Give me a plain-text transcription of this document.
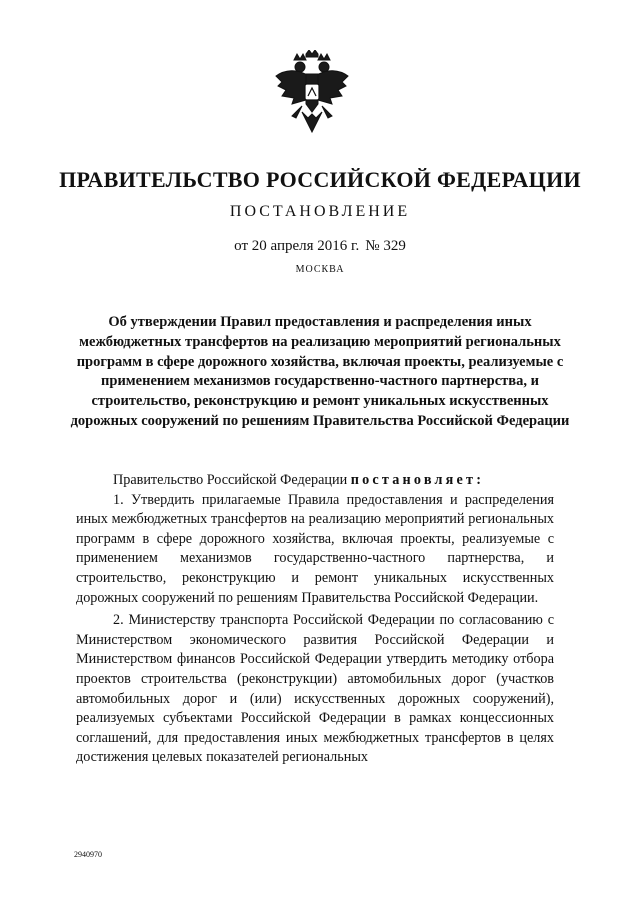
ПРАВИТЕЛЬСТВО РОССИЙСКОЙ ФЕДЕРАЦИИ
ПОСТАНОВЛЕНИЕ
от 20 апреля 2016 г. № 329
МОСКВА
Об утверждении Правил предоставления и распределения иных межбюджетных трансфертов на реализацию мероприятий региональных программ в сфере дорожного хозяйства, включая проекты, реализуемые с применением механизмов государственно-частного партнерства, и строительство, реконструкцию и ремонт уникальных искусственных дорожных сооружений по решениям Правительства Российской Федерации

Правительство Российской Федерации постановляет:

1. Утвердить прилагаемые Правила предоставления и распределения иных межбюджетных трансфертов на реализацию мероприятий региональных программ в сфере дорожного хозяйства, включая проекты, реализуемые с применением механизмов государственно-частного партнерства, и строительство, реконструкцию и ремонт уникальных искусственных дорожных сооружений по решениям Правительства Российской Федерации.

2. Министерству транспорта Российской Федерации по согласованию с Министерством экономического развития Российской Федерации и Министерством финансов Российской Федерации утвердить методику отбора проектов строительства (реконструкции) автомобильных дорог (участков автомобильных дорог и (или) искусственных дорожных сооружений), реализуемых субъектами Российской Федерации в рамках концессионных соглашений, для предоставления иных межбюджетных трансфертов в целях достижения целевых показателей региональных

2940970
